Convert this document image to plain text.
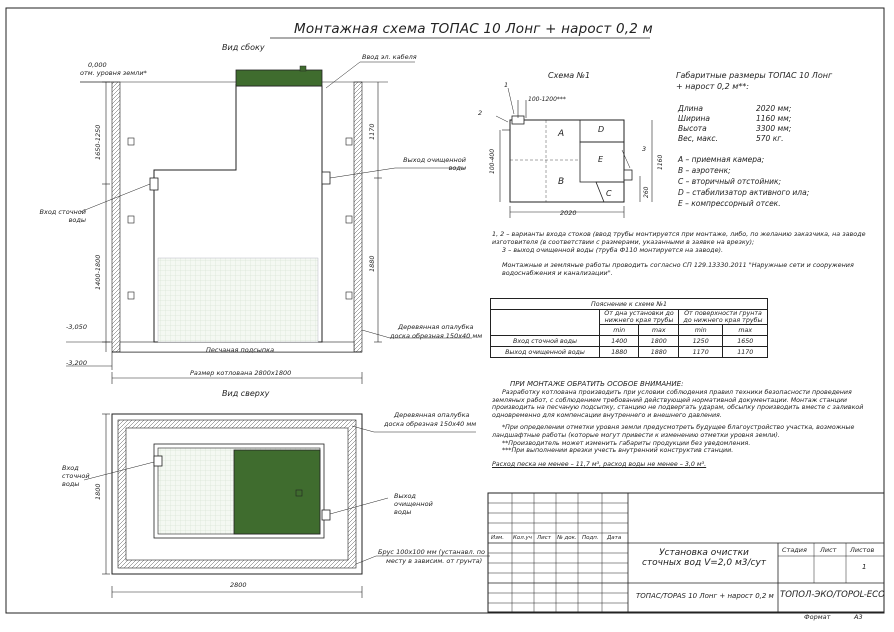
1650-1250
1400-1800
1170
1880
1800
100-400	1160
260
Монтажная схема ТОПАС 10 Лонг + нарост 0,2 м
Вид сбоку
0,000
отм. уровня земли*
Ввод эл. кабеля
Выход очищенной воды
Вход сточной воды
-3,050
-3,200
Деревянная опалубка
доска обрезная 150х40 мм
Песчаная подсыпка
Размер котлована 2800х1800
Вид сверху
Деревянная опалубка
доска обрезная 150х40 мм
Вход сточной воды
Выход очищенной воды
Брус 100х100 мм (устанавл. по
месту в зависим. от грунта)
2800
Схема №1
100-1200***
1
2
3
A
B
C
D
E
2020
Габаритные размеры ТОПАС 10 Лонг
+ нарост 0,2 м**:
Длина	2020 мм;
Ширина	1160 мм;
Высота	3300 мм;
Вес, макс.	570 кг.
А – приемная камера;
В – аэротенк;
С – вторичный отстойник;
D – стабилизатор активного ила;
Е – компрессорный отсек.

1, 2 – варианты входа стоков (ввод трубы монтируется при монтаже, либо, по желанию заказчика, на заводе изготовителя (в соответствии с размерами, указанными в заявке на врезку);

3 – выход очищенной воды (труба Ф110 монтируется на заводе).

Монтажные и земляные работы проводить согласно СП 129.13330.2011 "Наружные сети и сооружения водоснабжения и канализации".

Пояснение к схеме №1				
	От дна установки до нижнего края трубы		От поверхности грунта до нижнего края трубы	
	min	max	min	max
Вход сточной воды	1400	1800	1250	1650
Выход очищенной воды	1880	1880	1170	1170

ПРИ МОНТАЖЕ ОБРАТИТЬ ОСОБОЕ ВНИМАНИЕ:

Разработку котлована производить при условии соблюдения правил техники безопасности проведения земляных работ, с соблюдением требований действующей нормативной документации. Монтаж станции производить на песчаную подсыпку, станцию не подвергать ударам, обсыпку производить вместе с заливкой одновременно для компенсации внутреннего и внешнего давления.

*При определении отметки уровня земли предусмотреть будущее благоустройство участка, возможные ландшафтные работы (которые могут привести к изменению отметки уровня земли).

**Производитель может изменить габариты продукции без уведомления.

***При выполнении врезки учесть внутренний конструктив станции.

Расход песка не менее – 11,7 м³, расход воды не менее – 3,0 м³.

Изм. Кол.уч Лист № док. Подп. Дата
Установка очистки сточных вод V=2,0 м3/сут
Стадия Лист Листов
1
ТОПАС/TOPAS 10 Лонг + нарост 0,2 м ТОПОЛ-ЭКО/TOPOL-ECO
Формат	А3
